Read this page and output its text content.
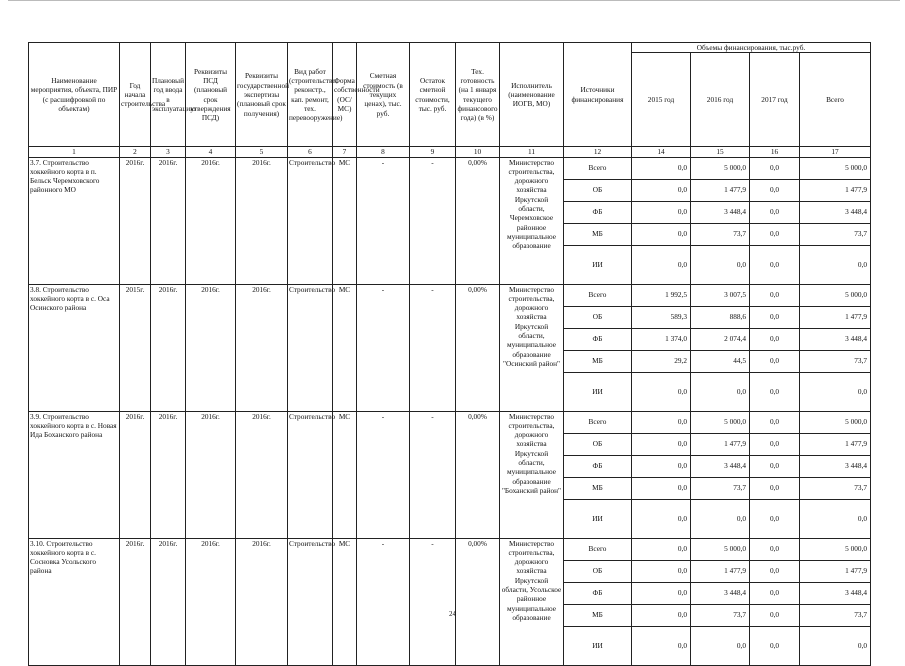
Наименование мероприятия, объекта, ПИР (с расшифровкой по объектам)	Год начала строительства	Плановый год ввода в эксплуатацию	Реквизиты ПСД (плановый срок утверждения ПСД)	Реквизиты государственной экспертизы (плановый срок получения)	Вид работ (строительство, реконстр., кап. ремонт, тех. перевооружение)	Форма собственности (ОС/МС)	Сметная стоимость (в текущих ценах), тыс. руб.	Остаток сметной стоимости, тыс. руб.	Тех. готовность (на 1 января текущего финансового года) (в %)	Исполнитель (наименование ИОГВ, МО)	Источники финансирования	Объемы финансирования, тыс.руб.			
												2015 год	2016 год	2017 год	Всего
1	2	3	4	5	6	7	8	9	10	11	12	14	15	16	17
3.7. Строительство хоккейного корта в п. Бельск Черемховского районного МО	2016г.	2016г.	2016г.	2016г.	Строительство	МС	-	-	0,00%	Министерство строительства, дорожного хозяйства Иркутской области, Черемховское районное муниципальное образование	Всего	0,0	5 000,0	0,0	5 000,0
											ОБ	0,0	1 477,9	0,0	1 477,9
											ФБ	0,0	3 448,4	0,0	3 448,4
											МБ	0,0	73,7	0,0	73,7
											ИИ	0,0	0,0	0,0	0,0
3.8. Строительство хоккейного корта в с. Оса Осинского района	2015г.	2016г.	2016г.	2016г.	Строительство	МС	-	-	0,00%	Министерство строительства, дорожного хозяйства Иркутской области, муниципальное образование "Осинский район"	Всего	1 992,5	3 007,5	0,0	5 000,0
											ОБ	589,3	888,6	0,0	1 477,9
											ФБ	1 374,0	2 074,4	0,0	3 448,4
											МБ	29,2	44,5	0,0	73,7
											ИИ	0,0	0,0	0,0	0,0
3.9. Строительство хоккейного корта в с. Новая Ида Боханского района	2016г.	2016г.	2016г.	2016г.	Строительство	МС	-	-	0,00%	Министерство строительства, дорожного хозяйства Иркутской области, муниципальное образование "Боханский район"	Всего	0,0	5 000,0	0,0	5 000,0
											ОБ	0,0	1 477,9	0,0	1 477,9
											ФБ	0,0	3 448,4	0,0	3 448,4
											МБ	0,0	73,7	0,0	73,7
											ИИ	0,0	0,0	0,0	0,0
3.10. Строительство хоккейного корта в с. Сосновка Усольского района	2016г.	2016г.	2016г.	2016г.	Строительство	МС	-	-	0,00%	Министерство строительства, дорожного хозяйства Иркутской области, Усольское районное муниципальное образование	Всего	0,0	5 000,0	0,0	5 000,0
											ОБ	0,0	1 477,9	0,0	1 477,9
											ФБ	0,0	3 448,4	0,0	3 448,4
											МБ	0,0	73,7	0,0	73,7
											ИИ	0,0	0,0	0,0	0,0
24
